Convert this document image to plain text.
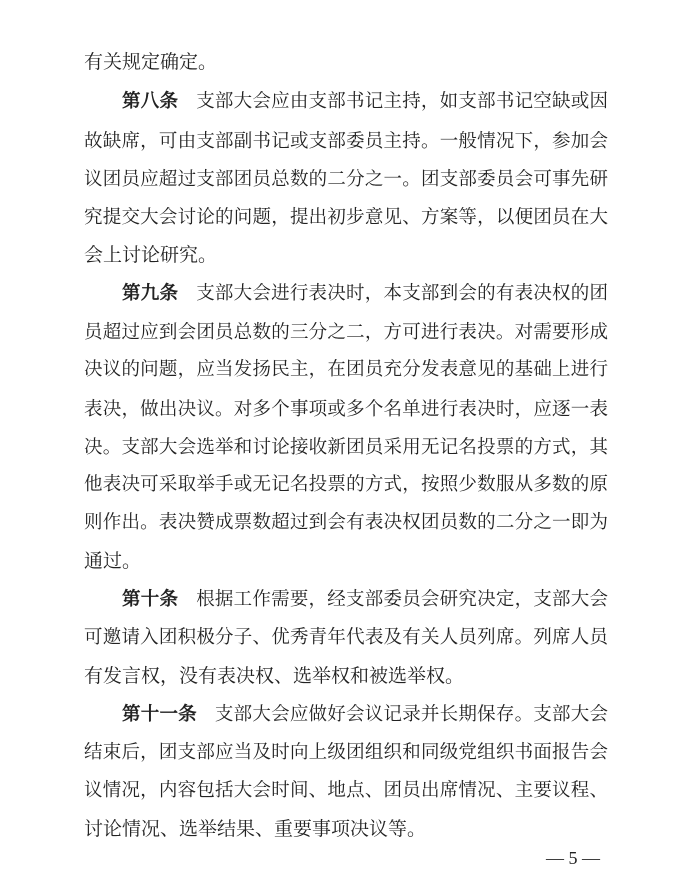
有关规定确定。
第八条 支部大会应由支部书记主持，如支部书记空缺或因
故缺席，可由支部副书记或支部委员主持。一般情况下，参加会
议团员应超过支部团员总数的二分之一。团支部委员会可事先研
究提交大会讨论的问题，提出初步意见、方案等，以便团员在大
会上讨论研究。
第九条 支部大会进行表决时，本支部到会的有表决权的团
员超过应到会团员总数的三分之二，方可进行表决。对需要形成
决议的问题，应当发扬民主，在团员充分发表意见的基础上进行
表决，做出决议。对多个事项或多个名单进行表决时，应逐一表
决。支部大会选举和讨论接收新团员采用无记名投票的方式，其
他表决可采取举手或无记名投票的方式，按照少数服从多数的原
则作出。表决赞成票数超过到会有表决权团员数的二分之一即为
通过。
第十条 根据工作需要，经支部委员会研究决定，支部大会
可邀请入团积极分子、优秀青年代表及有关人员列席。列席人员
有发言权，没有表决权、选举权和被选举权。
第十一条 支部大会应做好会议记录并长期保存。支部大会
结束后，团支部应当及时向上级团组织和同级党组织书面报告会
议情况，内容包括大会时间、地点、团员出席情况、主要议程、
讨论情况、选举结果、重要事项决议等。
— 5 —
